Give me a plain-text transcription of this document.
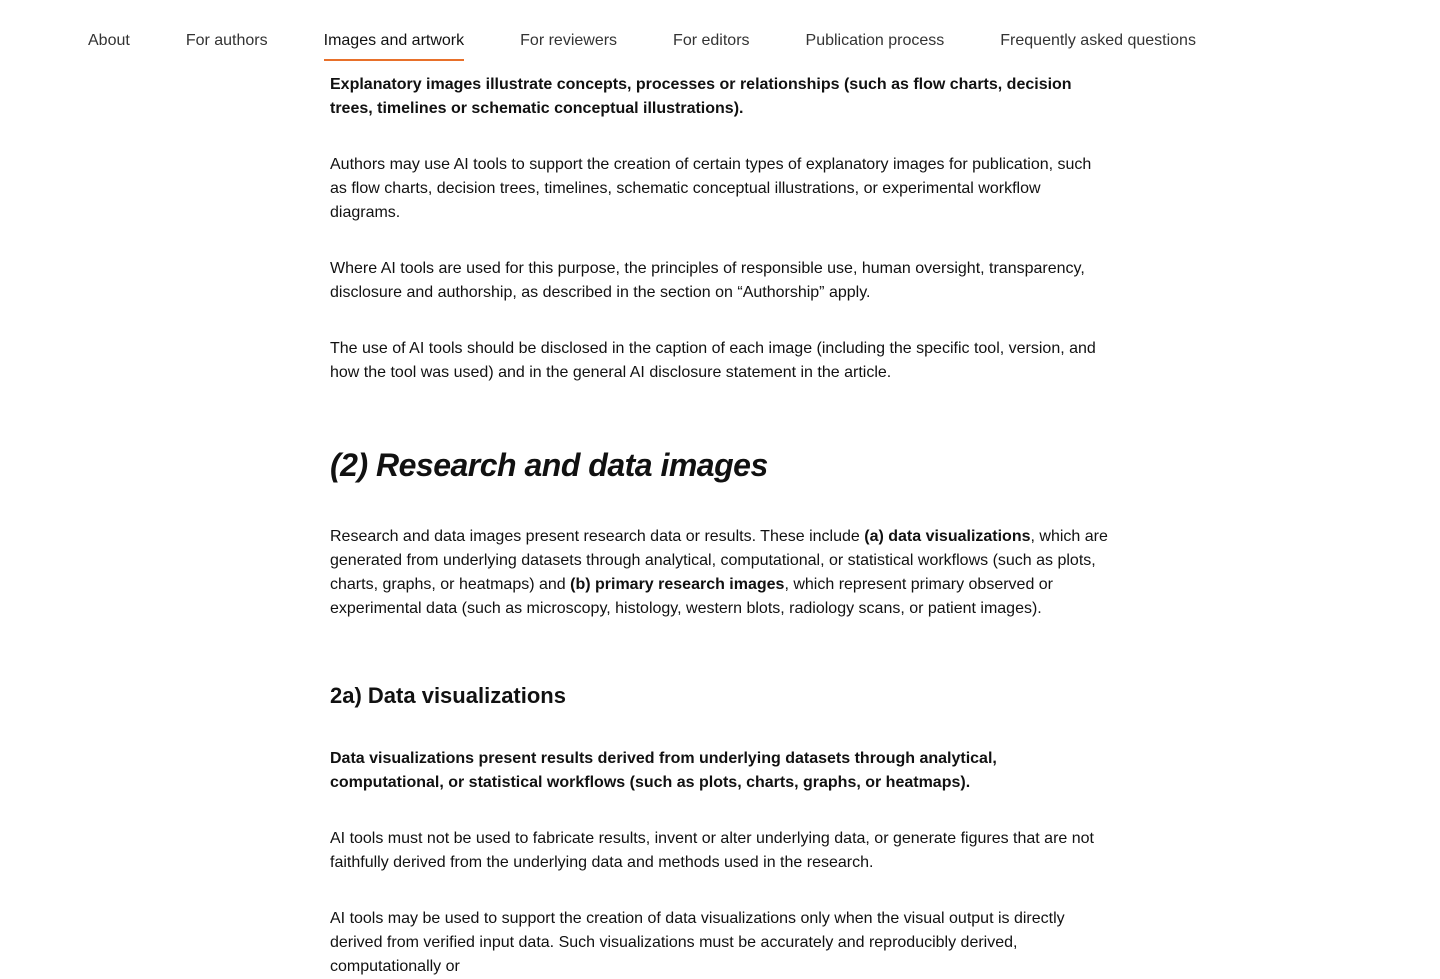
Explanatory images illustrate concepts, processes or relationships (such as flow charts, decision trees, timelines or schematic conceptual illustrations).

Authors may use AI tools to support the creation of certain types of explanatory images for publication, such as flow charts, decision trees, timelines, schematic conceptual illustrations, or experimental workflow diagrams.

Where AI tools are used for this purpose, the principles of responsible use, human oversight, transparency, disclosure and authorship, as described in the section on “Authorship” apply.

The use of AI tools should be disclosed in the caption of each image (including the specific tool, version, and how the tool was used) and in the general AI disclosure statement in the article.

(2) Research and data images

Research and data images present research data or results. These include (a) data visualizations, which are generated from underlying datasets through analytical, computational, or statistical workflows (such as plots, charts, graphs, or heatmaps) and (b) primary research images, which represent primary observed or experimental data (such as microscopy, histology, western blots, radiology scans, or patient images).

2a) Data visualizations

Data visualizations present results derived from underlying datasets through analytical, computational, or statistical workflows (such as plots, charts, graphs, or heatmaps).

AI tools must not be used to fabricate results, invent or alter underlying data, or generate figures that are not faithfully derived from the underlying data and methods used in the research.

AI tools may be used to support the creation of data visualizations only when the visual output is directly derived from verified input data. Such visualizations must be accurately and reproducibly derived, computationally or

About	For authors	Images and artwork	For reviewers	For editors	Publication process	Frequently asked questions
